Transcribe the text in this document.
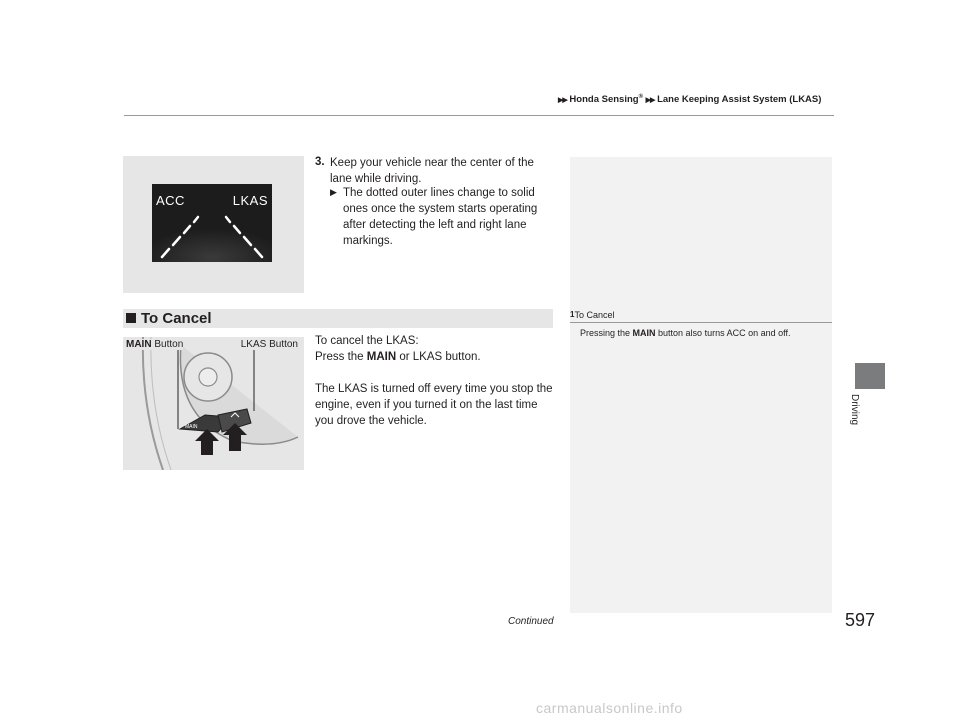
▶▶ Honda Sensing® ▶▶ Lane Keeping Assist System (LKAS)
Driving
ACC	LKAS
3. Keep your vehicle near the center of the lane while driving.
▶ The dotted outer lines change to solid ones once the system starts operating after detecting the left and right lane markings.
To Cancel	1To Cancel
Pressing the MAIN button also turns ACC on and off.
MAIN
MAIN Button	LKAS Button To cancel the LKAS:

Press the MAIN or LKAS button.

The LKAS is turned off every time you stop the engine, even if you turned it on the last time you drove the vehicle.

Continued	597
carmanualsonline.info
